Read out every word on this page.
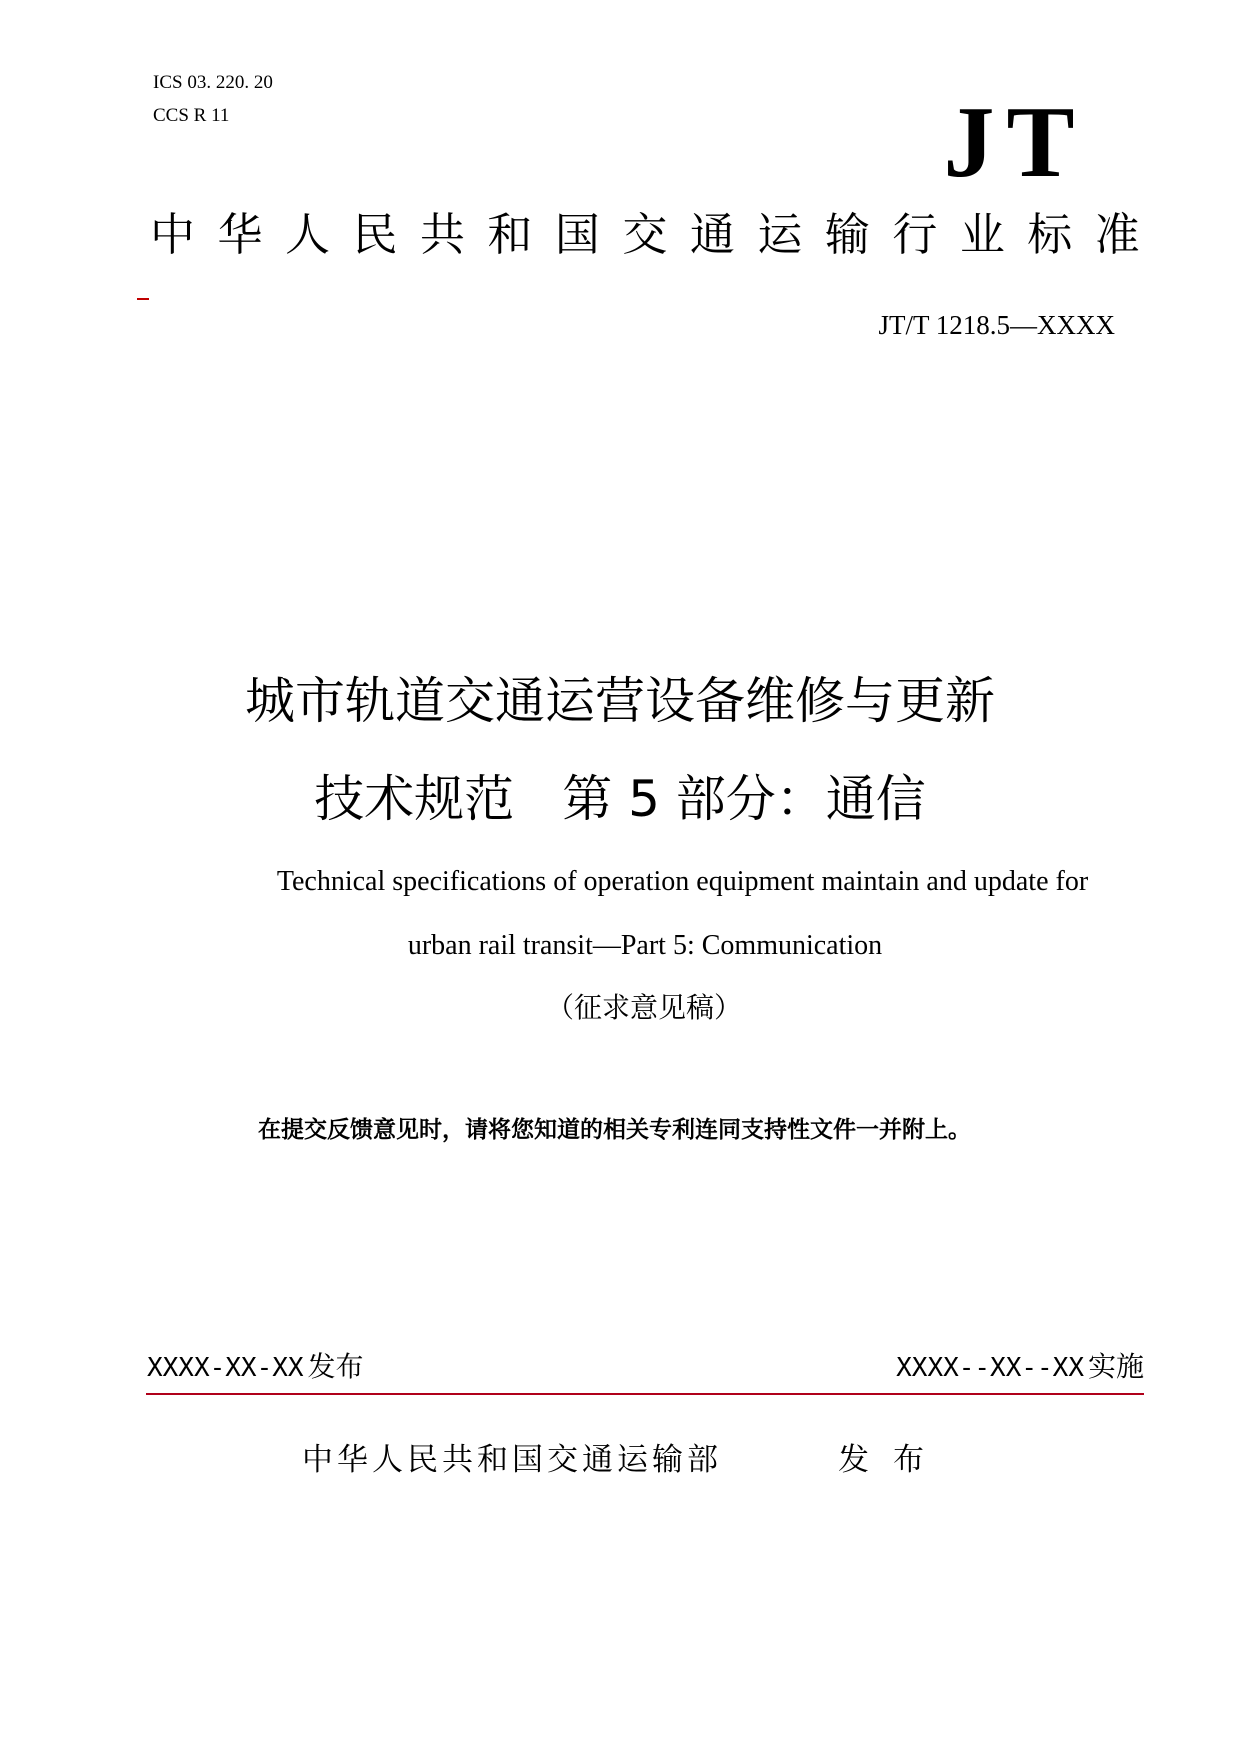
ICS 03. 220. 20
CCS R 11	JT
中 华 人 民 共 和 国 交 通 运 输 行 业 标 准
JT/T 1218.5—XXXX
城市轨道交通运营设备维修与更新
技术规范 第 5 部分：通信
Technical specifications of operation equipment maintain and update for
urban rail transit—Part 5: Communication
（征求意见稿）
在提交反馈意见时，请将您知道的相关专利连同支持性文件一并附上。
XXXX-XX-XX 发布	XXXX--XX--XX 实施
中华人民共和国交通运输部	发布
